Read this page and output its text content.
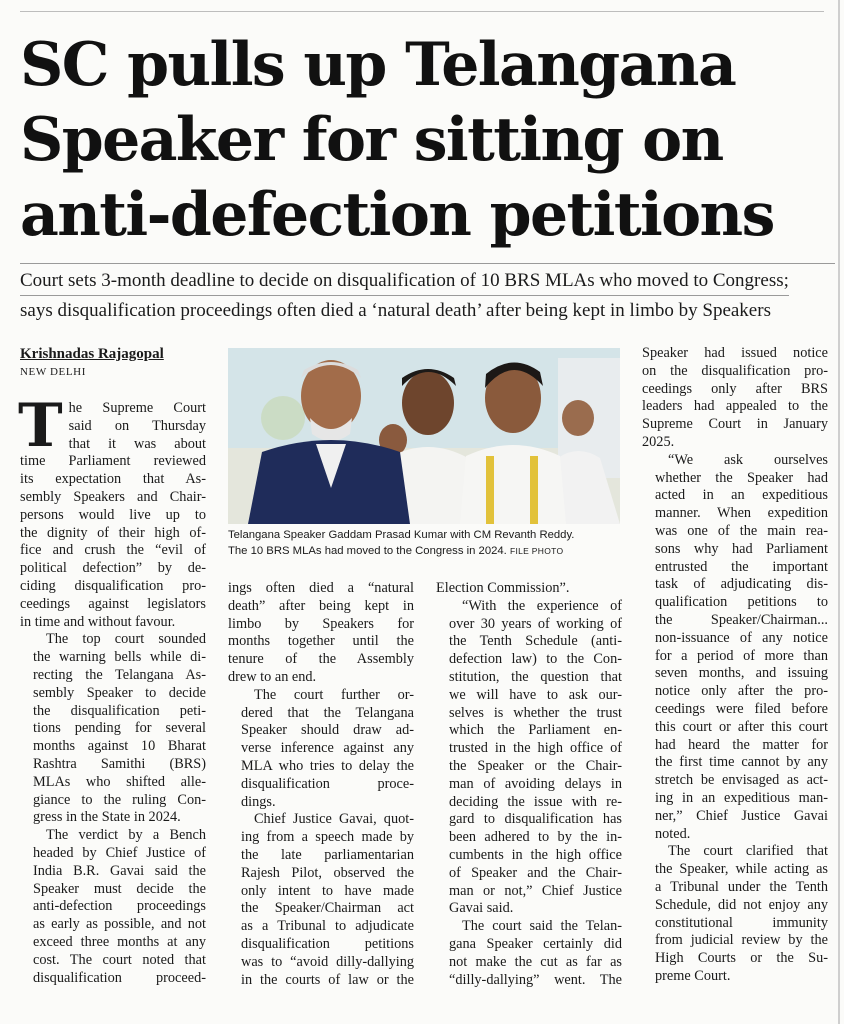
SC pulls up Telangana
Speaker for sitting on
anti-defection petitions
Court sets 3-month deadline to decide on disqualification of 10 BRS MLAs who moved to Congress;
says disqualification proceedings often died a ‘natural death’ after being kept in limbo by Speakers
Krishnadas Rajagopal
NEW DELHI
Telangana Speaker Gaddam Prasad Kumar with CM Revanth Reddy.
The 10 BRS MLAs had moved to the Congress in 2024. FILE PHOTO
T he Supreme Court
said on Thursday
that it was about
time Parliament reviewed
its expectation that As-
sembly Speakers and Chair-
persons would live up to
the dignity of their high of-
fice and crush the “evil of
political defection” by de-
ciding disqualification pro-
ceedings against legislators
in time and without favour.

The top court sounded
the warning bells while di-
recting the Telangana As-
sembly Speaker to decide
the disqualification peti-
tions pending for several
months against 10 Bharat
Rashtra Samithi (BRS)
MLAs who shifted alle-
giance to the ruling Con-
gress in the State in 2024.

The verdict by a Bench
headed by Chief Justice of
India B.R. Gavai said the
Speaker must decide the
anti-defection proceedings
as early as possible, and not
exceed three months at any
cost. The court noted that
disqualification proceed-

ings often died a “natural
death” after being kept in
limbo by Speakers for
months together until the
tenure of the Assembly
drew to an end.

The court further or-
dered that the Telangana
Speaker should draw ad-
verse inference against any
MLA who tries to delay the
disqualification proce-
dings.

Chief Justice Gavai, quot-
ing from a speech made by
the late parliamentarian
Rajesh Pilot, observed the
only intent to have made
the Speaker/Chairman act
as a Tribunal to adjudicate
disqualification petitions
was to “avoid dilly-dallying
in the courts of law or the

Election Commission”.

“With the experience of
over 30 years of working of
the Tenth Schedule (anti-
defection law) to the Con-
stitution, the question that
we will have to ask our-
selves is whether the trust
which the Parliament en-
trusted in the high office of
the Speaker or the Chair-
man of avoiding delays in
deciding the issue with re-
gard to disqualification has
been adhered to by the in-
cumbents in the high office
of Speaker and the Chair-
man or not,” Chief Justice
Gavai said.

The court said the Telan-
gana Speaker certainly did
not make the cut as far as
“dilly-dallying” went. The

Speaker had issued notice
on the disqualification pro-
ceedings only after BRS
leaders had appealed to the
Supreme Court in January
2025.

“We ask ourselves
whether the Speaker had
acted in an expeditious
manner. When expedition
was one of the main rea-
sons why had Parliament
entrusted the important
task of adjudicating dis-
qualification petitions to
the Speaker/Chairman...
non-issuance of any notice
for a period of more than
seven months, and issuing
notice only after the pro-
ceedings were filed before
this court or after this court
had heard the matter for
the first time cannot by any
stretch be envisaged as act-
ing in an expeditious man-
ner,” Chief Justice Gavai
noted.

The court clarified that
the Speaker, while acting as
a Tribunal under the Tenth
Schedule, did not enjoy any
constitutional immunity
from judicial review by the
High Courts or the Su-
preme Court.
